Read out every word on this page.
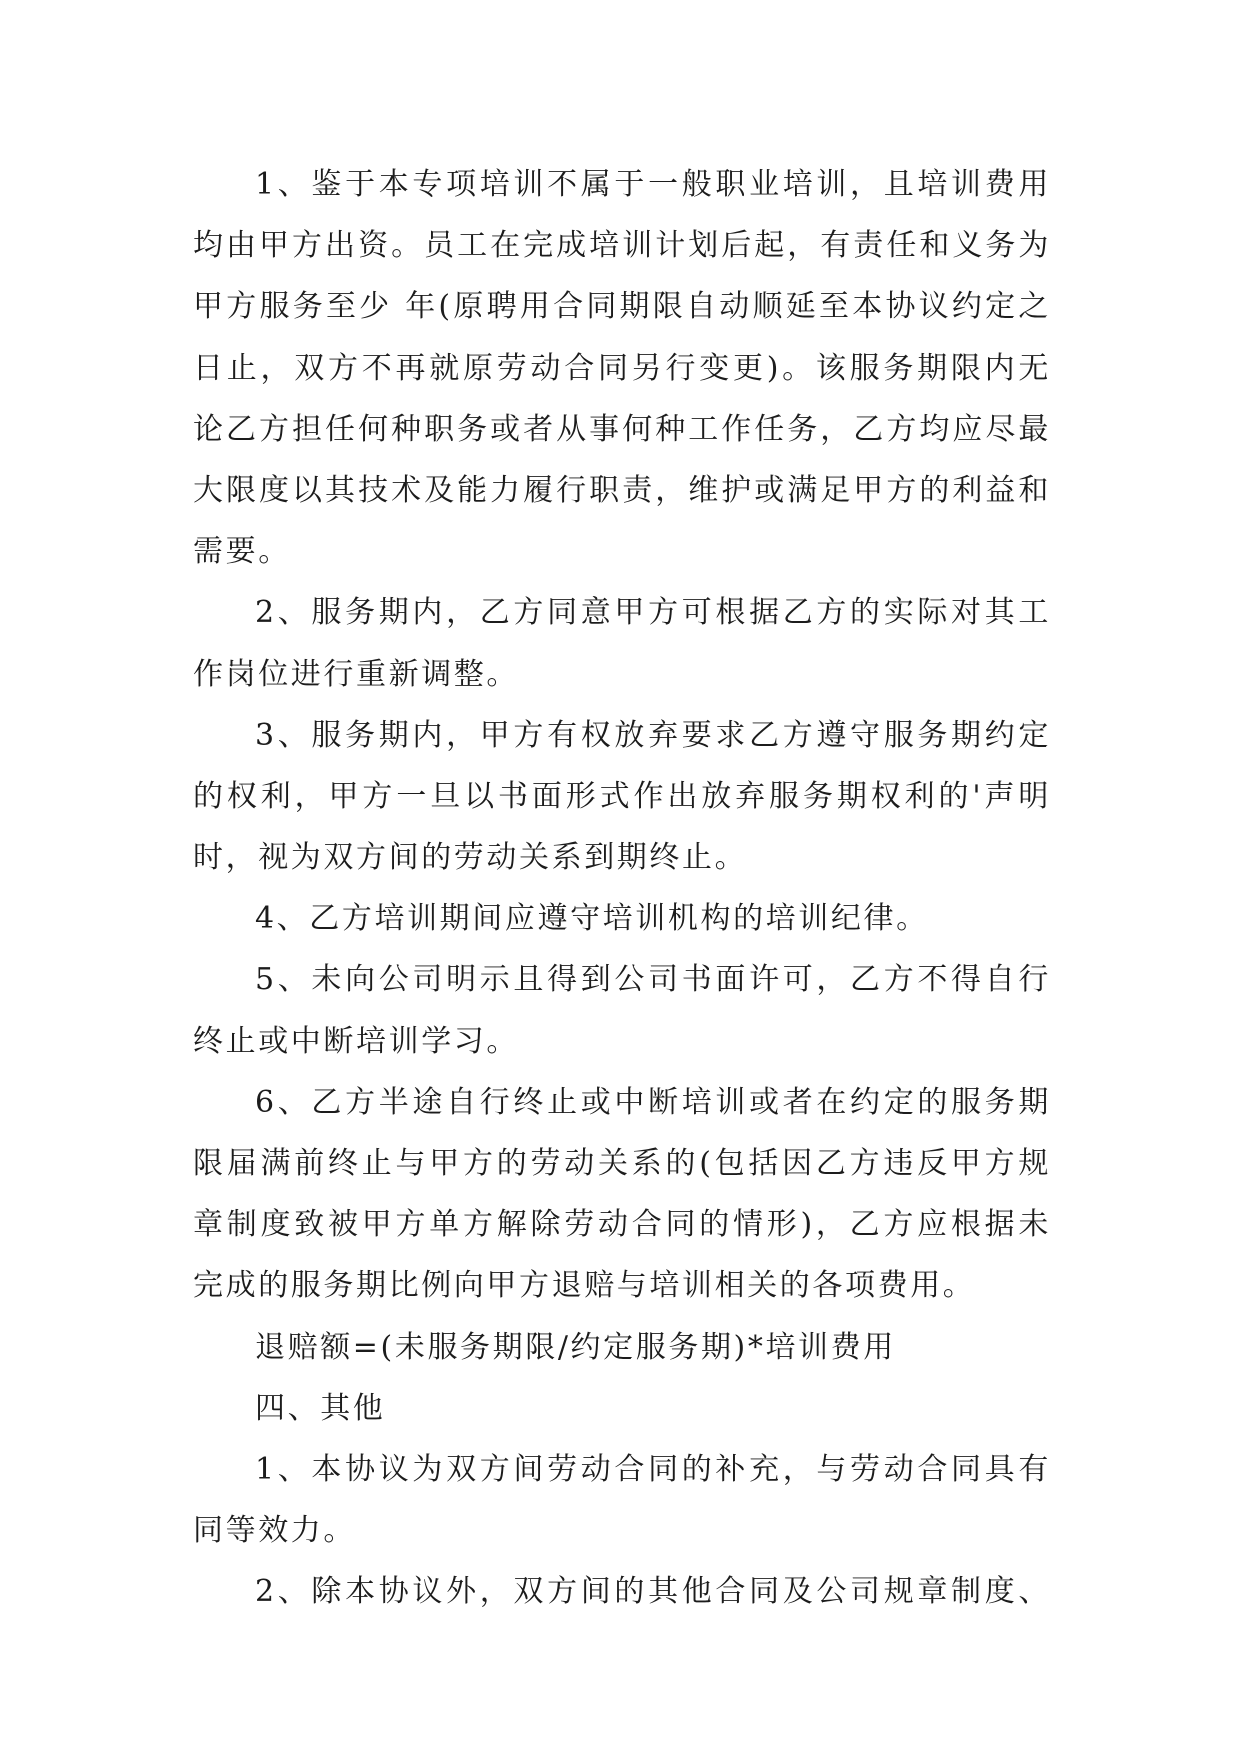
1、鉴于本专项培训不属于一般职业培训，且培训费用
均由甲方出资。员工在完成培训计划后起，有责任和义务为
甲方服务至少 年(原聘用合同期限自动顺延至本协议约定之
日止，双方不再就原劳动合同另行变更)。该服务期限内无
论乙方担任何种职务或者从事何种工作任务，乙方均应尽最
大限度以其技术及能力履行职责，维护或满足甲方的利益和
需要。
2、服务期内，乙方同意甲方可根据乙方的实际对其工
作岗位进行重新调整。
3、服务期内，甲方有权放弃要求乙方遵守服务期约定
的权利，甲方一旦以书面形式作出放弃服务期权利的'声明
时，视为双方间的劳动关系到期终止。
4、乙方培训期间应遵守培训机构的培训纪律。
5、未向公司明示且得到公司书面许可，乙方不得自行
终止或中断培训学习。
6、乙方半途自行终止或中断培训或者在约定的服务期
限届满前终止与甲方的劳动关系的(包括因乙方违反甲方规
章制度致被甲方单方解除劳动合同的情形)，乙方应根据未
完成的服务期比例向甲方退赔与培训相关的各项费用。
退赔额=(未服务期限/约定服务期)*培训费用
四、其他
1、本协议为双方间劳动合同的补充，与劳动合同具有
同等效力。
2、除本协议外，双方间的其他合同及公司规章制度、
